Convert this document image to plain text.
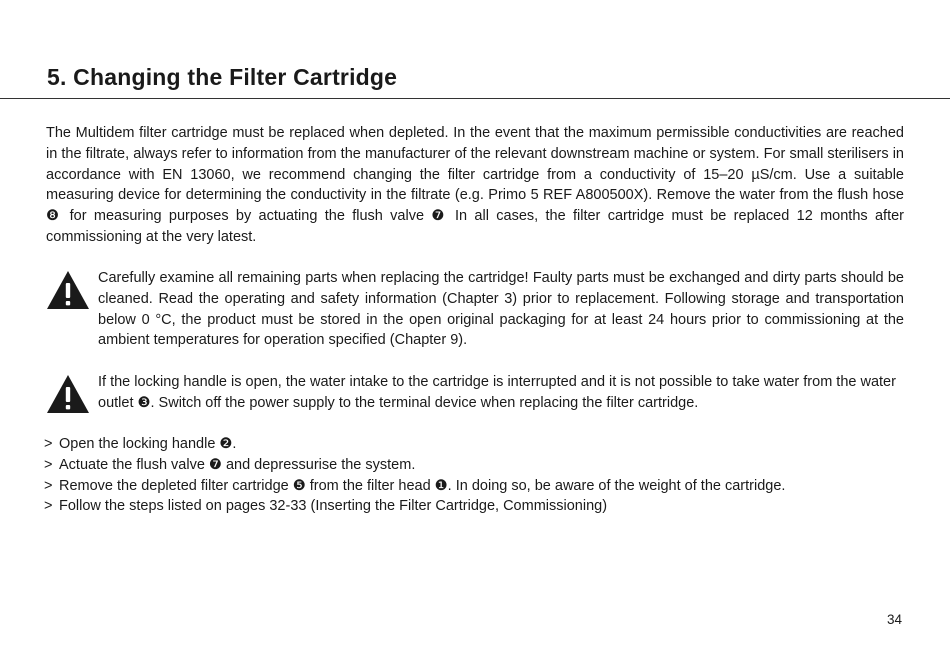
5. Changing the Filter Cartridge

The Multidem filter cartridge must be replaced when depleted. In the event that the maximum permissible conductivities are reached in the filtrate, always refer to information from the manufacturer of the relevant downstream machine or system. For small sterilisers in accordance with EN 13060, we recommend changing the filter cartridge from a conductivity of 15–20 µS/cm. Use a suitable measuring device for determining the conductivity in the filtrate (e.g. Primo 5 REF A800500X). Remove the water from the flush hose ❽ for measuring purposes by actuating the flush valve ❼ In all cases, the filter cartridge must be replaced 12 months after commissioning at the very latest.

Carefully examine all remaining parts when replacing the cartridge! Faulty parts must be exchanged and dirty parts should be cleaned. Read the operating and safety information (Chapter 3) prior to replacement. Following storage and transportation below 0 °C, the product must be stored in the open original packaging for at least 24 hours prior to commissioning at the ambient temperatures for operation specified (Chapter 9).

If the locking handle is open, the water intake to the cartridge is interrupted and it is not possible to take water from the water outlet ❸. Switch off the power supply to the terminal device when replacing the filter cartridge.

> Open the locking handle ❷.
> Actuate the flush valve ❼ and depressurise the system.
> Remove the depleted filter cartridge ❺ from the filter head ❶. In doing so, be aware of the weight of the cartridge.
> Follow the steps listed on pages 32-33 (Inserting the Filter Cartridge, Commissioning)
34
